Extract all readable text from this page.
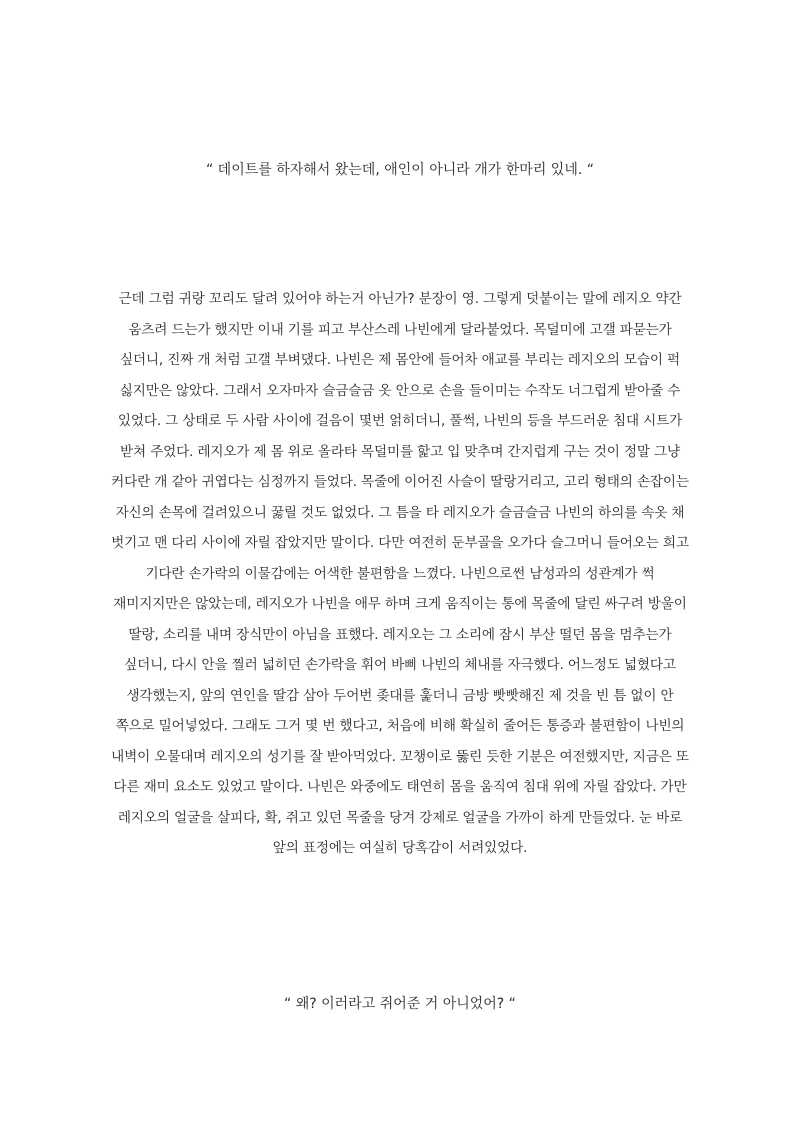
“ 데이트를 하자해서 왔는데, 애인이 아니라 개가 한마리 있네. “
근데 그럼 귀랑 꼬리도 달려 있어야 하는거 아닌가? 분장이 영. 그렇게 덧붙이는 말에 레지오 약간
움츠려 드는가 했지만 이내 기를 피고 부산스레 나빈에게 달라붙었다. 목덜미에 고갤 파묻는가
싶더니, 진짜 개 처럼 고갤 부벼댔다. 나빈은 제 몸안에 들어차 애교를 부리는 레지오의 모습이 퍽
싫지만은 않았다. 그래서 오자마자 슬금슬금 옷 안으로 손을 들이미는 수작도 너그럽게 받아줄 수
있었다. 그 상태로 두 사람 사이에 걸음이 몇번 얽히더니, 풀썩, 나빈의 등을 부드러운 침대 시트가
받쳐 주었다. 레지오가 제 몸 위로 올라타 목덜미를 핥고 입 맞추며 간지럽게 구는 것이 정말 그냥
커다란 개 같아 귀엽다는 심정까지 들었다. 목줄에 이어진 사슬이 딸랑거리고, 고리 형태의 손잡이는
자신의 손목에 걸려있으니 꿇릴 것도 없었다. 그 틈을 타 레지오가 슬금슬금 나빈의 하의를 속옷 채
벗기고 맨 다리 사이에 자릴 잡았지만 말이다. 다만 여전히 둔부골을 오가다 슬그머니 들어오는 희고
기다란 손가락의 이물감에는 어색한 불편함을 느꼈다. 나빈으로썬 남성과의 성관계가 썩
재미지지만은 않았는데, 레지오가 나빈을 애무 하며 크게 움직이는 통에 목줄에 달린 싸구려 방울이
딸랑, 소리를 내며 장식만이 아님을 표했다. 레지오는 그 소리에 잠시 부산 떨던 몸을 멈추는가
싶더니, 다시 안을 찔러 넓히던 손가락을 휘어 바삐 나빈의 체내를 자극했다. 어느정도 넓혔다고
생각했는지, 앞의 연인을 딸감 삼아 두어번 좆대를 훑더니 금방 빳빳해진 제 것을 빈 틈 없이 안
쪽으로 밀어넣었다. 그래도 그거 몇 번 했다고, 처음에 비해 확실히 줄어든 통증과 불편함이 나빈의
내벽이 오물대며 레지오의 성기를 잘 받아먹었다. 꼬챙이로 뚫린 듯한 기분은 여전했지만, 지금은 또
다른 재미 요소도 있었고 말이다. 나빈은 와중에도 태연히 몸을 움직여 침대 위에 자릴 잡았다. 가만
레지오의 얼굴을 살피다, 확, 쥐고 있던 목줄을 당겨 강제로 얼굴을 가까이 하게 만들었다. 눈 바로
앞의 표정에는 여실히 당혹감이 서려있었다.
“ 왜? 이러라고 쥐어준 거 아니었어? “
